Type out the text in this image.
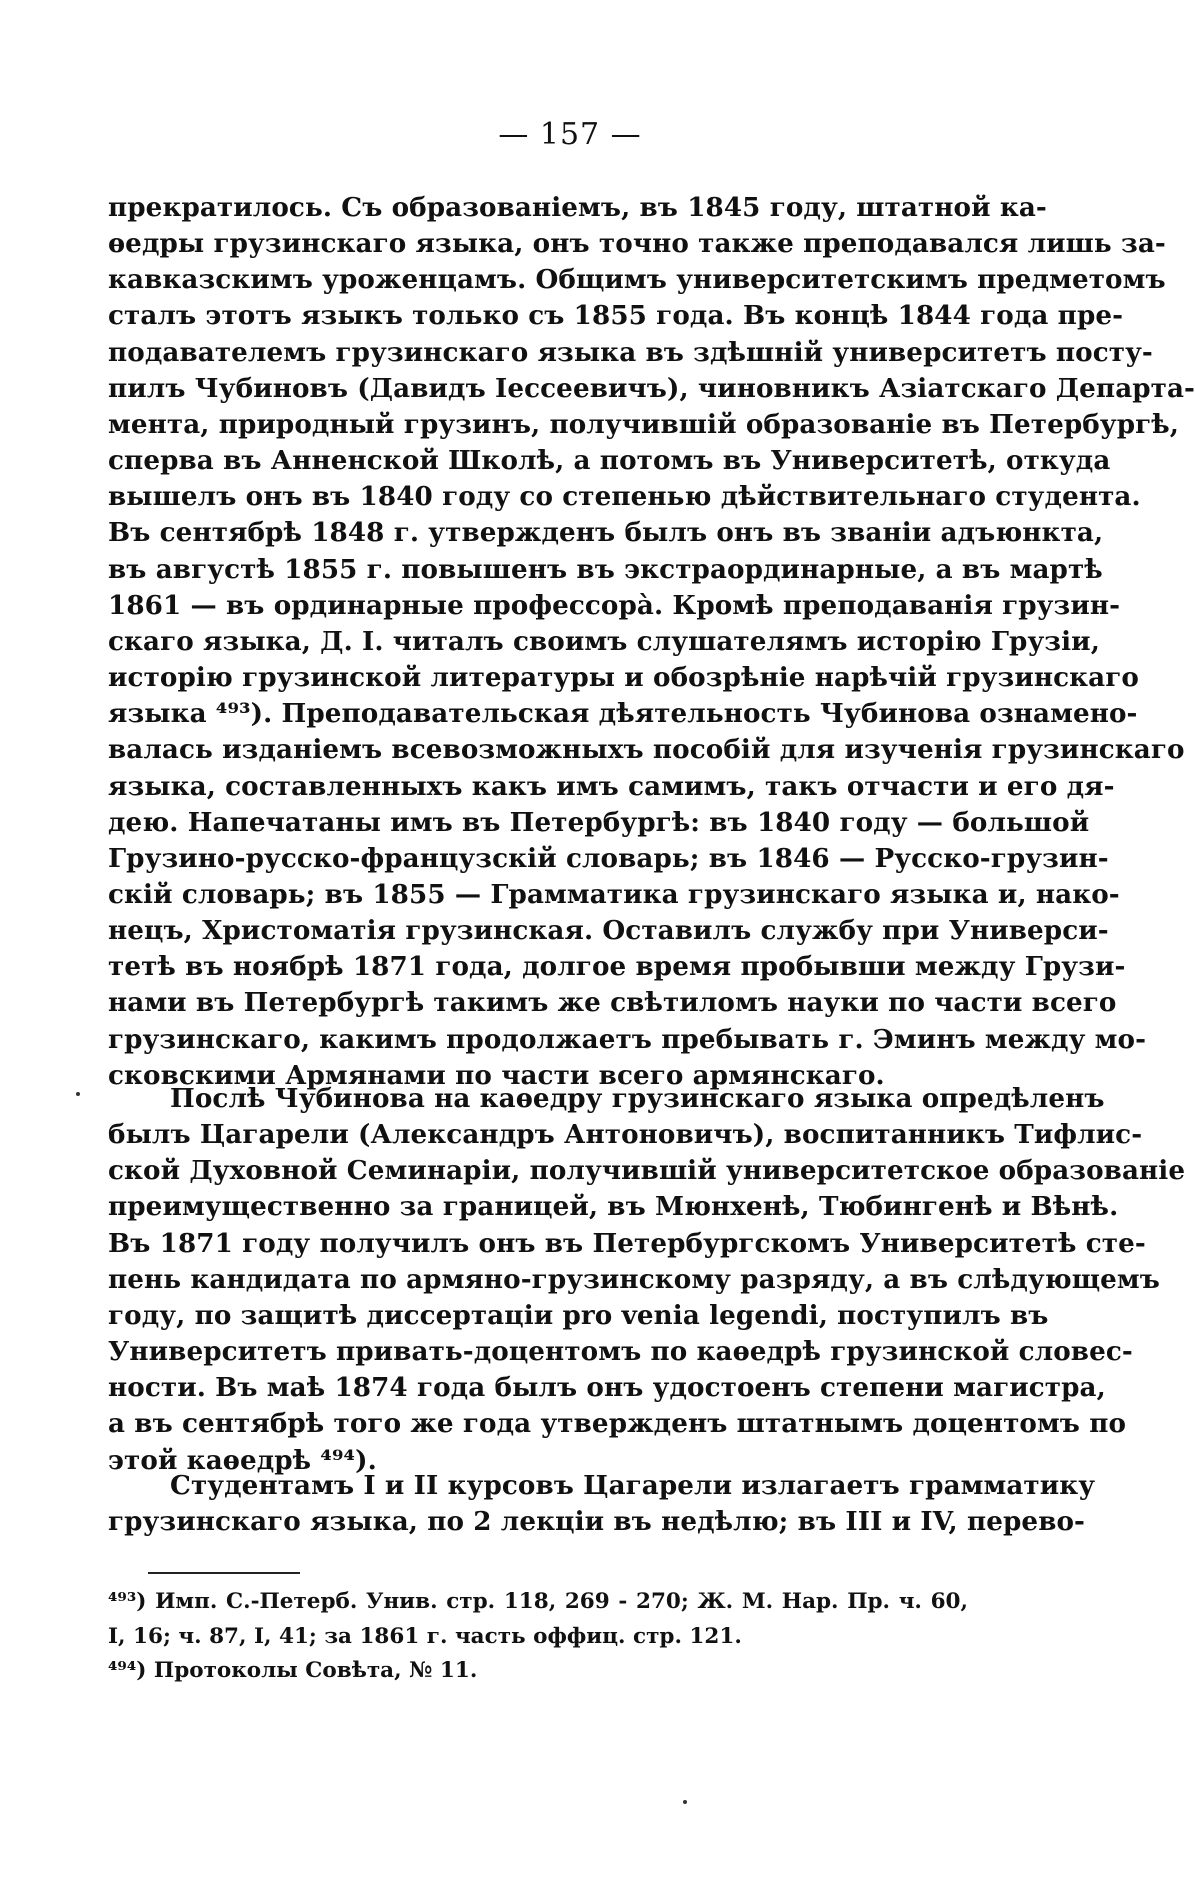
— 157 —
прекратилось. Съ образованіемъ, въ 1845 году, штатной ка-
ѳедры грузинскаго языка, онъ точно также преподавался лишь за-
кавказскимъ уроженцамъ. Общимъ университетскимъ предметомъ
сталъ этотъ языкъ только съ 1855 года. Въ концѣ 1844 года пре-
подавателемъ грузинскаго языка въ здѣшній университетъ посту-
пилъ Чубиновъ (Давидъ Іессеевичъ), чиновникъ Азіатскаго Департа-
мента, природный грузинъ, получившій образованіе въ Петербургѣ,
сперва въ Анненской Школѣ, а потомъ въ Университетѣ, откуда
вышелъ онъ въ 1840 году со степенью дѣйствительнаго студента.
Въ сентябрѣ 1848 г. утвержденъ былъ онъ въ званіи адъюнкта,
въ августѣ 1855 г. повышенъ въ экстраординарные, а въ мартѣ
1861 — въ ординарные профессорà. Кромѣ преподаванія грузин-
скаго языка, Д. І. читалъ своимъ слушателямъ исторію Грузіи,
исторію грузинской литературы и обозрѣніе нарѣчій грузинскаго
языка ⁴⁹³). Преподавательская дѣятельность Чубинова ознамено-
валась изданіемъ всевозможныхъ пособій для изученія грузинскаго
языка, составленныхъ какъ имъ самимъ, такъ отчасти и его дя-
дею. Напечатаны имъ въ Петербургѣ: въ 1840 году — большой
Грузино-русско-французскій словарь; въ 1846 — Русско-грузин-
скій словарь; въ 1855 — Грамматика грузинскаго языка и, нако-
нецъ, Христоматія грузинская. Оставилъ службу при Универси-
тетѣ въ ноябрѣ 1871 года, долгое время пробывши между Грузи-
нами въ Петербургѣ такимъ же свѣтиломъ науки по части всего
грузинскаго, какимъ продолжаетъ пребывать г. Эминъ между мо-
сковскими Армянами по части всего армянскаго.
Послѣ Чубинова на каѳедру грузинскаго языка опредѣленъ
былъ Цагарели (Александръ Антоновичъ), воспитанникъ Тифлис-
ской Духовной Семинаріи, получившій университетское образованіе
преимущественно за границей, въ Мюнхенѣ, Тюбингенѣ и Вѣнѣ.
Въ 1871 году получилъ онъ въ Петербургскомъ Университетѣ сте-
пень кандидата по армяно-грузинскому разряду, а въ слѣдующемъ
году, по защитѣ диссертаціи pro venia legendi, поступилъ въ
Университетъ привать-доцентомъ по каѳедрѣ грузинской словес-
ности. Въ маѣ 1874 года былъ онъ удостоенъ степени магистра,
а въ сентябрѣ того же года утвержденъ штатнымъ доцентомъ по
этой каѳедрѣ ⁴⁹⁴).
Студентамъ I и II курсовъ Цагарели излагаетъ грамматику
грузинскаго языка, по 2 лекціи въ недѣлю; въ III и IV, перево-
⁴⁹³) Имп. С.-Петерб. Унив. стр. 118, 269 - 270; Ж. М. Нар. Пр. ч. 60,
I, 16; ч. 87, I, 41; за 1861 г. часть оффиц. стр. 121.
⁴⁹⁴) Протоколы Совѣта, № 11.
